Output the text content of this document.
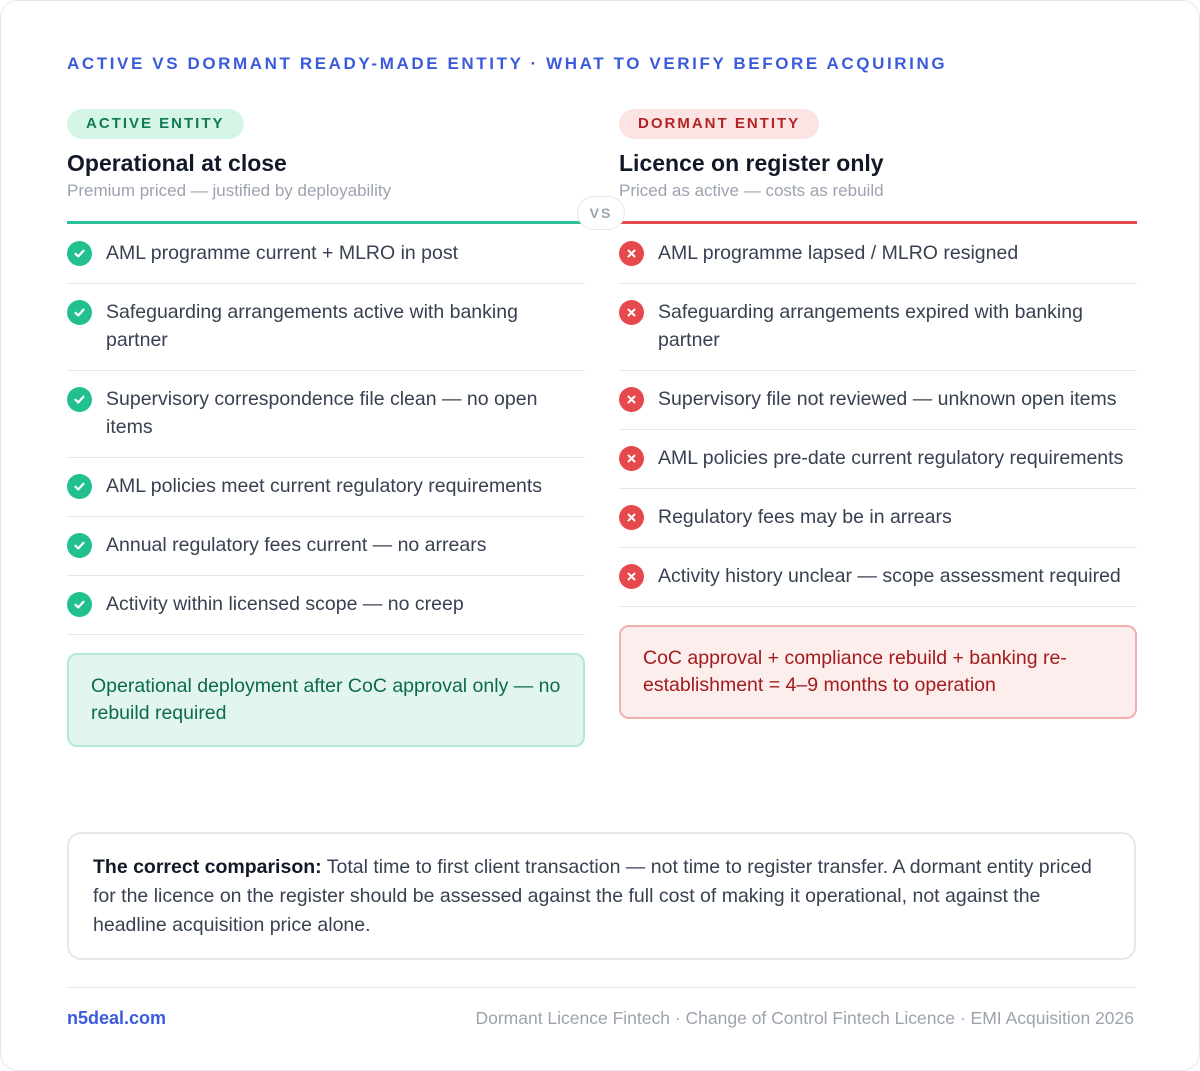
ACTIVE VS DORMANT READY-MADE ENTITY · WHAT TO VERIFY BEFORE ACQUIRING
ACTIVE ENTITY
Operational at close
Premium priced — justified by deployability
AML programme current + MLRO in post
Safeguarding arrangements active with banking partner
Supervisory correspondence file clean — no open items
AML policies meet current regulatory requirements
Annual regulatory fees current — no arrears
Activity within licensed scope — no creep
Operational deployment after CoC approval only — no rebuild required
DORMANT ENTITY
Licence on register only
Priced as active — costs as rebuild
AML programme lapsed / MLRO resigned
Safeguarding arrangements expired with banking partner
Supervisory file not reviewed — unknown open items
AML policies pre-date current regulatory requirements
Regulatory fees may be in arrears
Activity history unclear — scope assessment required
CoC approval + compliance rebuild + banking re-establishment = 4–9 months to operation
VS
The correct comparison: Total time to first client transaction — not time to register transfer. A dormant entity priced for the licence on the register should be assessed against the full cost of making it operational, not against the headline acquisition price alone.
n5deal.com	Dormant Licence Fintech · Change of Control Fintech Licence · EMI Acquisition 2026
